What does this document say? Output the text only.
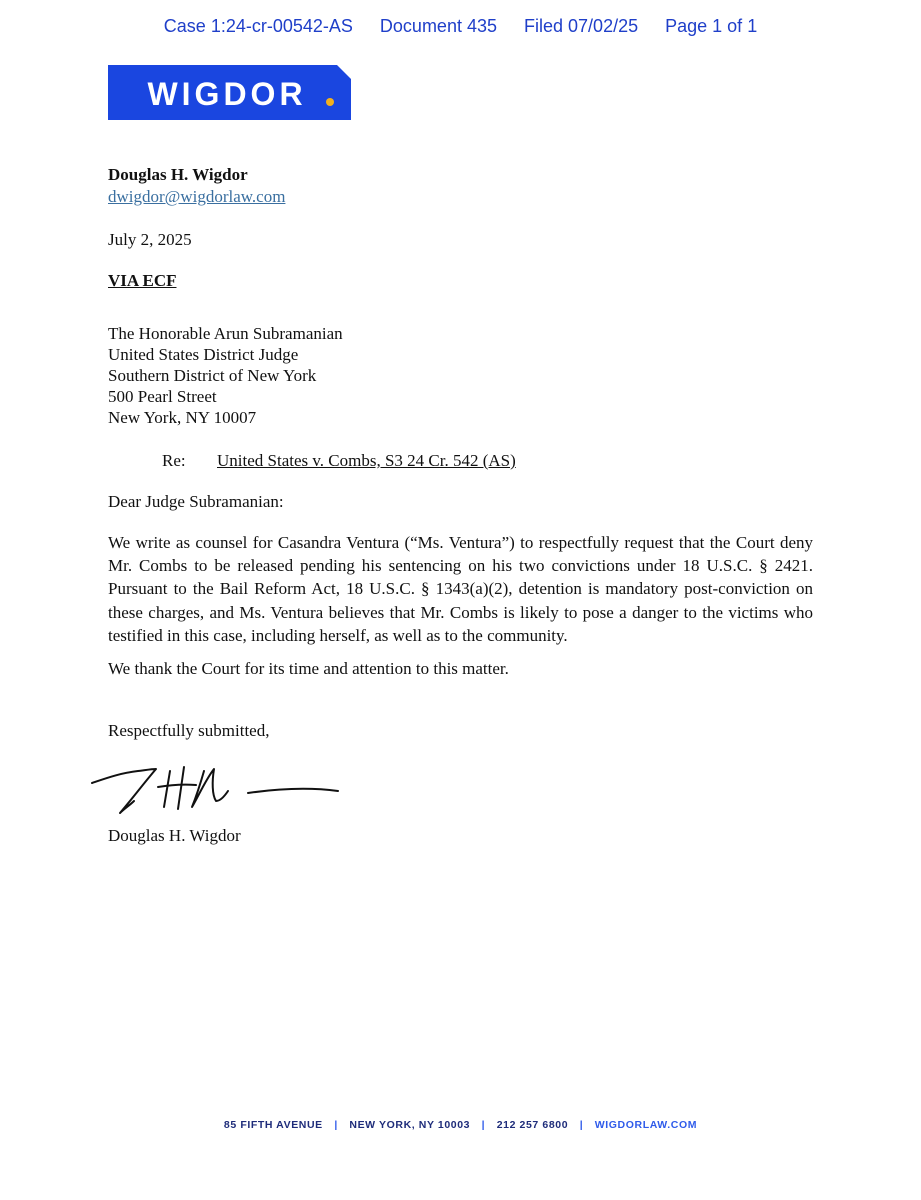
Case 1:24-cr-00542-AS Document 435 Filed 07/02/25 Page 1 of 1
WIGDOR
Douglas H. Wigdor
dwigdor@wigdorlaw.com
July 2, 2025
VIA ECF
The Honorable Arun Subramanian
United States District Judge
Southern District of New York
500 Pearl Street
New York, NY 10007
Re: United States v. Combs, S3 24 Cr. 542 (AS)
Dear Judge Subramanian:
We write as counsel for Casandra Ventura (“Ms. Ventura”) to respectfully request that the Court deny Mr. Combs to be released pending his sentencing on his two convictions under 18 U.S.C. § 2421. Pursuant to the Bail Reform Act, 18 U.S.C. § 1343(a)(2), detention is mandatory post-conviction on these charges, and Ms. Ventura believes that Mr. Combs is likely to pose a danger to the victims who testified in this case, including herself, as well as to the community.
We thank the Court for its time and attention to this matter.
Respectfully submitted,
Douglas H. Wigdor
85 FIFTH AVENUE | NEW YORK, NY 10003 | 212 257 6800 | WIGDORLAW.COM
